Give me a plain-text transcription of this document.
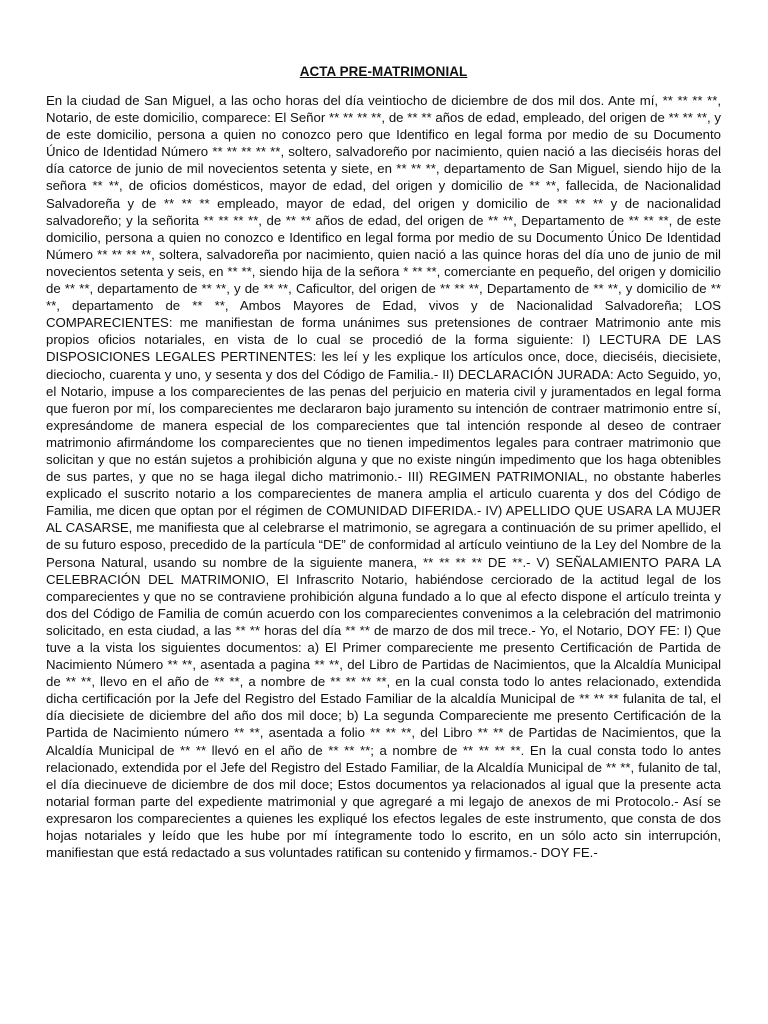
ACTA PRE-MATRIMONIAL

En la ciudad de San Miguel, a las ocho horas del día veintiocho de diciembre de dos mil dos. Ante mí, ** ** ** **, Notario, de este domicilio, comparece: El Señor ** ** ** **, de ** ** años de edad, empleado, del origen de ** ** **, y de este domicilio, persona a quien no conozco pero que Identifico en legal forma por medio de su Documento Único de Identidad Número ** ** ** ** **, soltero, salvadoreño por nacimiento, quien nació a las dieciséis horas del día catorce de junio de mil novecientos setenta y siete, en ** ** **, departamento de San Miguel, siendo hijo de la señora ** **, de oficios domésticos, mayor de edad, del origen y domicilio de ** **, fallecida, de Nacionalidad Salvadoreña y de ** ** ** empleado, mayor de edad, del origen y domicilio de ** ** ** y de nacionalidad salvadoreño; y la señorita ** ** ** **, de ** ** años de edad, del origen de ** **, Departamento de ** ** **, de este domicilio, persona a quien no conozco e Identifico en legal forma por medio de su Documento Único De Identidad Número ** ** ** **, soltera, salvadoreña por nacimiento, quien nació a las quince horas del día uno de junio de mil novecientos setenta y seis, en ** **, siendo hija de la señora * ** **, comerciante en pequeño, del origen y domicilio de ** **, departamento de ** **, y de ** **, Caficultor, del origen de ** ** **, Departamento de ** **, y domicilio de ** **, departamento de ** **, Ambos Mayores de Edad, vivos y de Nacionalidad Salvadoreña; LOS COMPARECIENTES: me manifiestan de forma unánimes sus pretensiones de contraer Matrimonio ante mis propios oficios notariales, en vista de lo cual se procedió de la forma siguiente: I) LECTURA DE LAS DISPOSICIONES LEGALES PERTINENTES: les leí y les explique los artículos once, doce, dieciséis, diecisiete, dieciocho, cuarenta y uno, y sesenta y dos del Código de Familia.- II) DECLARACIÓN JURADA: Acto Seguido, yo, el Notario, impuse a los comparecientes de las penas del perjuicio en materia civil y juramentados en legal forma que fueron por mí, los comparecientes me declararon bajo juramento su intención de contraer matrimonio entre sí, expresándome de manera especial de los comparecientes que tal intención responde al deseo de contraer matrimonio afirmándome los comparecientes que no tienen impedimentos legales para contraer matrimonio que solicitan y que no están sujetos a prohibición alguna y que no existe ningún impedimento que los haga obtenibles de sus partes, y que no se haga ilegal dicho matrimonio.- III) REGIMEN PATRIMONIAL, no obstante haberles explicado el suscrito notario a los comparecientes de manera amplia el articulo cuarenta y dos del Código de Familia, me dicen que optan por el régimen de COMUNIDAD DIFERIDA.- IV) APELLIDO QUE USARA LA MUJER AL CASARSE, me manifiesta que al celebrarse el matrimonio, se agregara a continuación de su primer apellido, el de su futuro esposo, precedido de la partícula “DE” de conformidad al artículo veintiuno de la Ley del Nombre de la Persona Natural, usando su nombre de la siguiente manera, ** ** ** ** DE **.- V) SEÑALAMIENTO PARA LA CELEBRACIÓN DEL MATRIMONIO, El Infrascrito Notario, habiéndose cerciorado de la actitud legal de los comparecientes y que no se contraviene prohibición alguna fundado a lo que al efecto dispone el artículo treinta y dos del Código de Familia de común acuerdo con los comparecientes convenimos a la celebración del matrimonio solicitado, en esta ciudad, a las ** ** horas del día ** ** de marzo de dos mil trece.- Yo, el Notario, DOY FE: I) Que tuve a la vista los siguientes documentos: a) El Primer compareciente me presento Certificación de Partida de Nacimiento Número ** **, asentada a pagina ** **, del Libro de Partidas de Nacimientos, que la Alcaldía Municipal de ** **, llevo en el año de ** **, a nombre de ** ** ** **, en la cual consta todo lo antes relacionado, extendida dicha certificación por la Jefe del Registro del Estado Familiar de la alcaldía Municipal de ** ** ** fulanita de tal, el día diecisiete de diciembre del año dos mil doce; b) La segunda Compareciente me presento Certificación de la Partida de Nacimiento número ** **, asentada a folio ** ** **, del Libro ** ** de Partidas de Nacimientos, que la Alcaldía Municipal de ** ** llevó en el año de ** ** **; a nombre de ** ** ** **. En la cual consta todo lo antes relacionado, extendida por el Jefe del Registro del Estado Familiar, de la Alcaldía Municipal de ** **, fulanito de tal, el día diecinueve de diciembre de dos mil doce; Estos documentos ya relacionados al igual que la presente acta notarial forman parte del expediente matrimonial y que agregaré a mi legajo de anexos de mi Protocolo.- Así se expresaron los comparecientes a quienes les expliqué los efectos legales de este instrumento, que consta de dos hojas notariales y leído que les hube por mí íntegramente todo lo escrito, en un sólo acto sin interrupción, manifiestan que está redactado a sus voluntades ratifican su contenido y firmamos.- DOY FE.-
